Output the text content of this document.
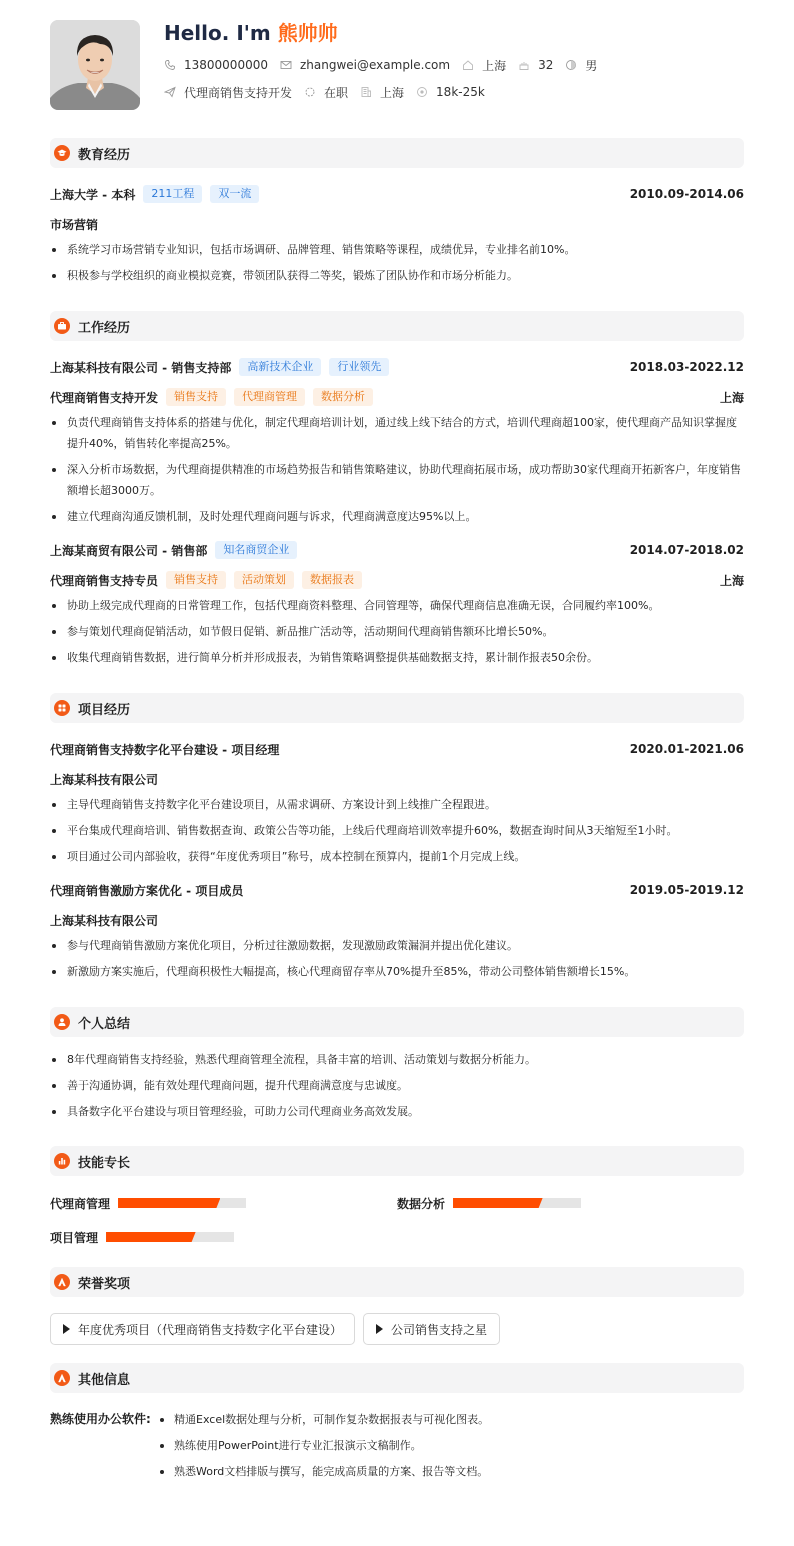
Hello. I'm 熊帅帅
13800000000	zhangwei@example.com	上海	32	男
代理商销售支持开发	在职	上海	18k-25k
教育经历
上海大学 - 本科	211工程	双一流	2010.09-2014.06
市场营销
系统学习市场营销专业知识，包括市场调研、品牌管理、销售策略等课程，成绩优异，专业排名前10%。
积极参与学校组织的商业模拟竞赛，带领团队获得二等奖，锻炼了团队协作和市场分析能力。
工作经历
上海某科技有限公司 - 销售支持部	高新技术企业	行业领先	2018.03-2022.12
代理商销售支持开发	销售支持	代理商管理	数据分析	上海
负责代理商销售支持体系的搭建与优化，制定代理商培训计划，通过线上线下结合的方式，培训代理商超100家，使代理商产品知识掌握度提升40%，销售转化率提高25%。
深入分析市场数据，为代理商提供精准的市场趋势报告和销售策略建议，协助代理商拓展市场，成功帮助30家代理商开拓新客户，年度销售额增长超3000万。
建立代理商沟通反馈机制，及时处理代理商问题与诉求，代理商满意度达95%以上。
上海某商贸有限公司 - 销售部	知名商贸企业	2014.07-2018.02
代理商销售支持专员	销售支持	活动策划	数据报表	上海
协助上级完成代理商的日常管理工作，包括代理商资料整理、合同管理等，确保代理商信息准确无误，合同履约率100%。
参与策划代理商促销活动，如节假日促销、新品推广活动等，活动期间代理商销售额环比增长50%。
收集代理商销售数据，进行简单分析并形成报表，为销售策略调整提供基础数据支持，累计制作报表50余份。
项目经历
代理商销售支持数字化平台建设 - 项目经理	2020.01-2021.06
上海某科技有限公司
主导代理商销售支持数字化平台建设项目，从需求调研、方案设计到上线推广全程跟进。
平台集成代理商培训、销售数据查询、政策公告等功能，上线后代理商培训效率提升60%，数据查询时间从3天缩短至1小时。
项目通过公司内部验收，获得“年度优秀项目”称号，成本控制在预算内，提前1个月完成上线。
代理商销售激励方案优化 - 项目成员	2019.05-2019.12
上海某科技有限公司
参与代理商销售激励方案优化项目，分析过往激励数据，发现激励政策漏洞并提出优化建议。
新激励方案实施后，代理商积极性大幅提高，核心代理商留存率从70%提升至85%，带动公司整体销售额增长15%。
个人总结
8年代理商销售支持经验，熟悉代理商管理全流程，具备丰富的培训、活动策划与数据分析能力。
善于沟通协调，能有效处理代理商问题，提升代理商满意度与忠诚度。
具备数字化平台建设与项目管理经验，可助力公司代理商业务高效发展。
技能专长
代理商管理	数据分析
项目管理
荣誉奖项
年度优秀项目（代理商销售支持数字化平台建设）	公司销售支持之星
其他信息
熟练使用办公软件:	精通Excel数据处理与分析，可制作复杂数据报表与可视化图表。
熟练使用PowerPoint进行专业汇报演示文稿制作。
熟悉Word文档排版与撰写，能完成高质量的方案、报告等文档。
